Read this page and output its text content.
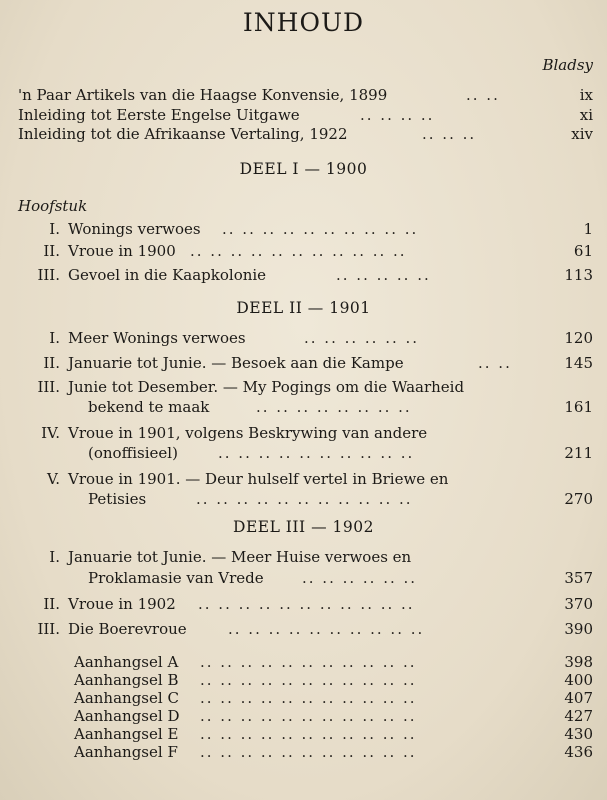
INHOUD
Bladsy
'n Paar Artikels van die Haagse Konvensie, 1899	.. ..	ix
Inleiding tot Eerste Engelse Uitgawe	.. .. .. ..	xi
Inleiding tot die Afrikaanse Vertaling, 1922	.. .. ..	xiv
DEEL I — 1900
Hoofstuk
I. Wonings verwoes .. .. .. .. .. .. .. .. .. ..	1
II. Vroue in 1900 .. .. .. .. .. .. .. .. .. .. ..	61
III. Gevoel in die Kaapkolonie	.. .. .. .. ..	113
DEEL II — 1901
I. Meer Wonings verwoes	.. .. .. .. .. ..	120
II. Januarie tot Junie. — Besoek aan die Kampe	.. ..	145
III. Junie tot Desember. — My Pogings om die Waarheid
bekend te maak	.. .. .. .. .. .. .. ..	161
IV. Vroue in 1901, volgens Beskrywing van andere
(onoffisieel)	.. .. .. .. .. .. .. .. .. ..	211
V. Vroue in 1901. — Deur hulself vertel in Briewe en
Petisies	.. .. .. .. .. .. .. .. .. .. ..	270
DEEL III — 1902
I. Januarie tot Junie. — Meer Huise verwoes en
Proklamasie van Vrede	.. .. .. .. .. ..	357
II. Vroue in 1902 .. .. .. .. .. .. .. .. .. .. ..	370
III. Die Boerevroue	.. .. .. .. .. .. .. .. .. ..	390
Aanhangsel A .. .. .. .. .. .. .. .. .. .. ..	398
Aanhangsel B .. .. .. .. .. .. .. .. .. .. ..	400
Aanhangsel C .. .. .. .. .. .. .. .. .. .. ..	407
Aanhangsel D .. .. .. .. .. .. .. .. .. .. ..	427
Aanhangsel E .. .. .. .. .. .. .. .. .. .. ..	430
Aanhangsel F .. .. .. .. .. .. .. .. .. .. ..	436
